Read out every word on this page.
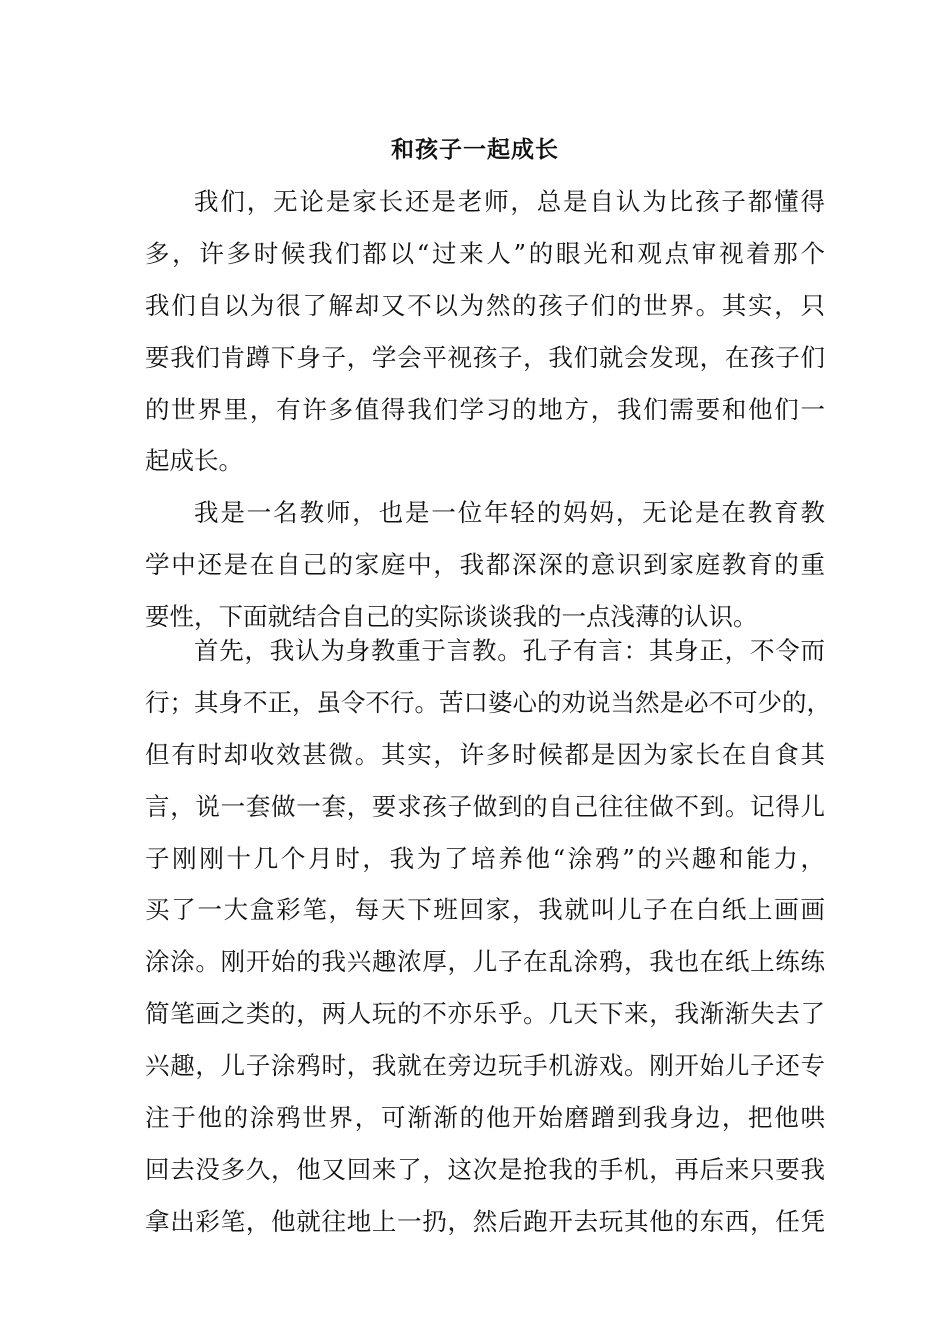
和孩子一起成长
我们，无论是家长还是老师，总是自认为比孩子都懂得
多，许多时候我们都以“过来人”的眼光和观点审视着那个
我们自以为很了解却又不以为然的孩子们的世界。其实，只
要我们肯蹲下身子，学会平视孩子，我们就会发现，在孩子们
的世界里，有许多值得我们学习的地方，我们需要和他们一
起成长。
我是一名教师，也是一位年轻的妈妈，无论是在教育教
学中还是在自己的家庭中，我都深深的意识到家庭教育的重
要性，下面就结合自己的实际谈谈我的一点浅薄的认识。
首先，我认为身教重于言教。孔子有言：其身正，不令而
行；其身不正，虽令不行。苦口婆心的劝说当然是必不可少的，
但有时却收效甚微。其实，许多时候都是因为家长在自食其
言，说一套做一套，要求孩子做到的自己往往做不到。记得儿
子刚刚十几个月时，我为了培养他“涂鸦”的兴趣和能力，
买了一大盒彩笔，每天下班回家，我就叫儿子在白纸上画画
涂涂。刚开始的我兴趣浓厚，儿子在乱涂鸦，我也在纸上练练
简笔画之类的，两人玩的不亦乐乎。几天下来，我渐渐失去了
兴趣，儿子涂鸦时，我就在旁边玩手机游戏。刚开始儿子还专
注于他的涂鸦世界，可渐渐的他开始磨蹭到我身边，把他哄
回去没多久，他又回来了，这次是抢我的手机，再后来只要我
拿出彩笔，他就往地上一扔，然后跑开去玩其他的东西，任凭
